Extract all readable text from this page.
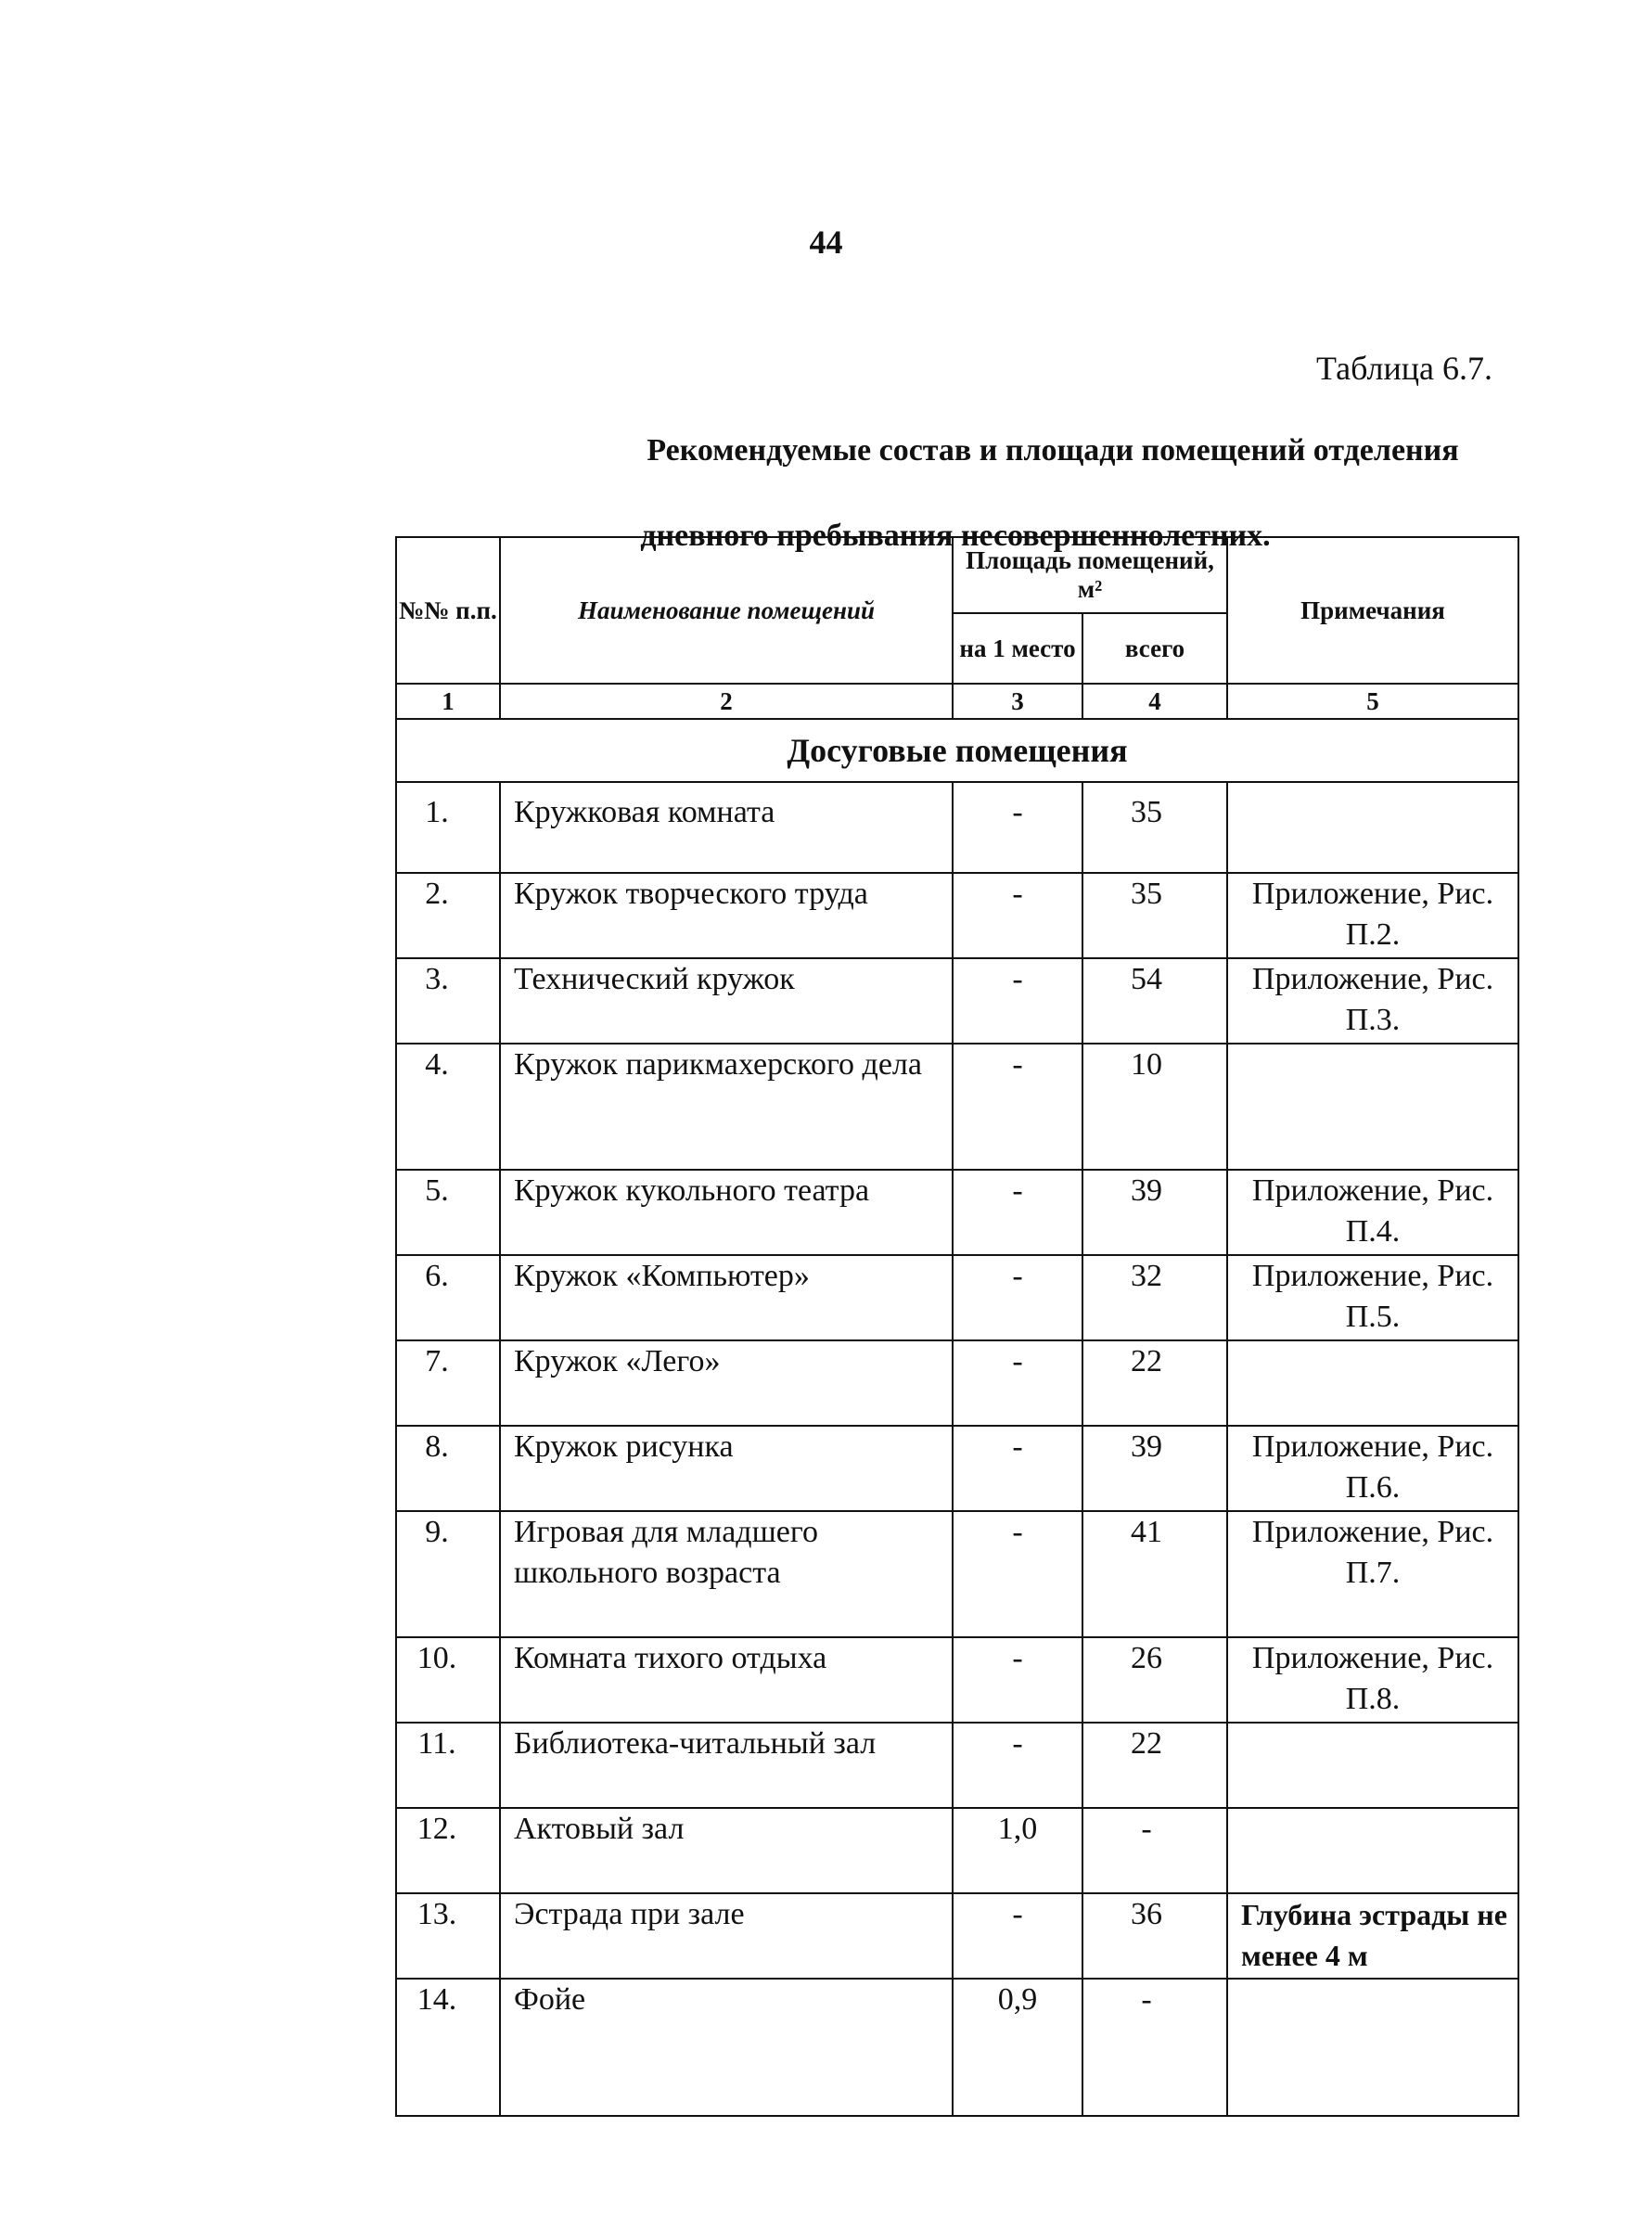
44
Таблица 6.7.
Рекомендуемые состав и площади помещений отделения
дневного пребывания несовершеннолетних.
№№ п.п.	Наименование помещений	Площадь помещений, м²		Примечания
		на 1 место	всего	
1	2	3	4	5
Досуговые помещения				
1.	Кружковая комната	-	35	
2.	Кружок творческого труда	-	35	Приложение, Рис. П.2.
3.	Технический кружок	-	54	Приложение, Рис. П.3.
4.	Кружок парикмахерского дела	-	10	
5.	Кружок кукольного театра	-	39	Приложение, Рис. П.4.
6.	Кружок «Компьютер»	-	32	Приложение, Рис. П.5.
7.	Кружок «Лего»	-	22	
8.	Кружок рисунка	-	39	Приложение, Рис. П.6.
9.	Игровая для младшего школьного возраста	-	41	Приложение, Рис. П.7.
10.	Комната тихого отдыха	-	26	Приложение, Рис. П.8.
11.	Библиотека-читальный зал	-	22	
12.	Актовый зал	1,0	-	
13.	Эстрада при зале	-	36	Глубина эстрады не менее 4 м
14.	Фойе	0,9	-	
